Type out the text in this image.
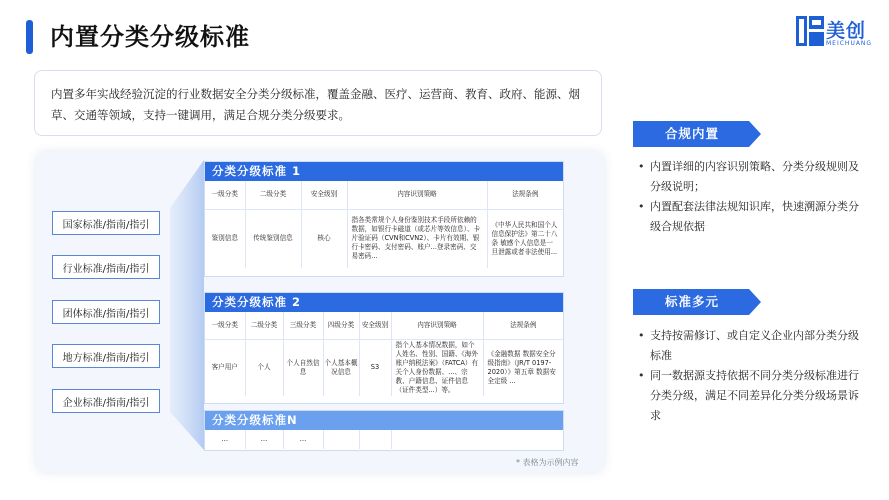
内置分类分级标准	美创
MEICHUANG
内置多年实战经验沉淀的行业数据安全分类分级标准，覆盖金融、医疗、运营商、教育、政府、能源、烟草、交通等领域，支持一键调用，满足合规分类分级要求。
国家标准/指南/指引
行业标准/指南/指引
团体标准/指南/指引
地方标准/指南/指引
企业标准/指南/指引
分类分级标准 1
一级分类	二级分类	安全级别	内容识别策略	法规条例
鉴别信息	传统鉴别信息	核心	指各类常规个人身份鉴别技术手段所依赖的数据，如银行卡磁道（或芯片等效信息）、卡片验证码（CVN和CVN2）、卡片有效期、银行卡密码、支付密码、账户...登录密码、交易密码...	《中华人民共和国个人信息保护法》第二十八条 敏感个人信息是一旦泄露或者非法使用...
分类分级标准 2
一级分类	二级分类	三级分类	四级分类	安全级别	内容识别策略	法规条例
客户用户	个人	个人自然信息	个人基本概况信息	S3	指个人基本情况数据，如个人姓名、性别、国籍、《海外账户纳税法案》（FATCA）有关个人身份数据、...、宗教、户籍信息、证件信息（证件类型...）等。	《金融数据 数据安全分级指南》（JR/T 0197-2020）》第五章 数据安全定级 ...
分类分级标准N
...	...	...			
* 表格为示例内容
合规内置
• 内置详细的内容识别策略、分类分级规则及分级说明；
• 内置配套法律法规知识库，快速溯源分类分级合规依据
标准多元
• 支持按需修订、或自定义企业内部分类分级标准
• 同一数据源支持依据不同分类分级标准进行分类分级，满足不同差异化分类分级场景诉求
